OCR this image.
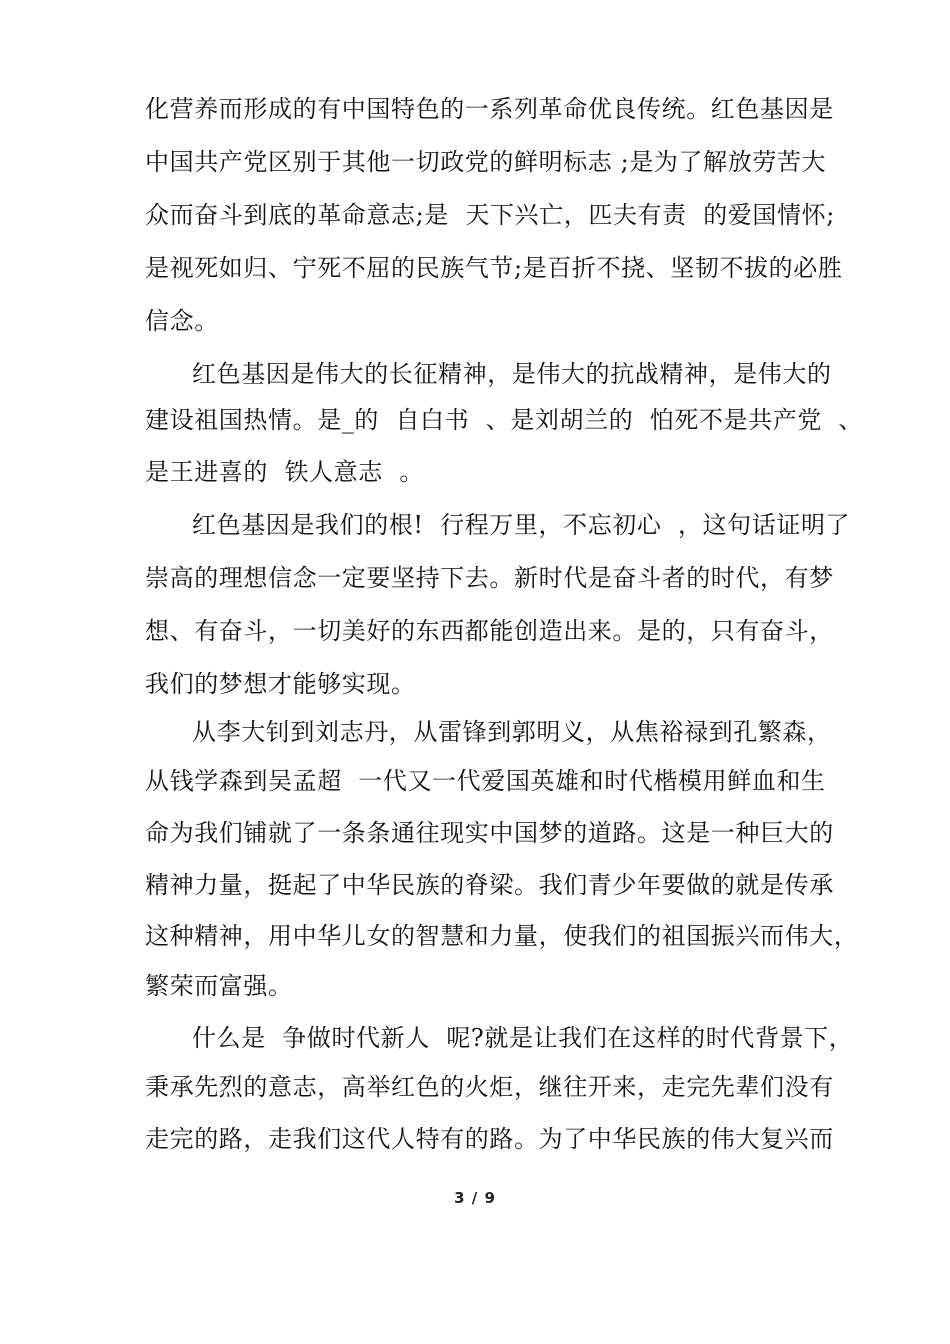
化营养而形成的有中国特色的一系列革命优良传统。红色基因是
中国共产党区别于其他一切政党的鲜明标志 ;是为了解放劳苦大
众而奋斗到底的革命意志;是  天下兴亡，匹夫有责  的爱国情怀;
是视死如归、宁死不屈的民族气节;是百折不挠、坚韧不拔的必胜
信念。
红色基因是伟大的长征精神，是伟大的抗战精神，是伟大的
建设祖国热情。是_的  自白书  、是刘胡兰的  怕死不是共产党  、
是王进喜的  铁人意志  。
红色基因是我们的根!  行程万里，不忘初心  ，这句话证明了
崇高的理想信念一定要坚持下去。新时代是奋斗者的时代，有梦
想、有奋斗，一切美好的东西都能创造出来。是的，只有奋斗，
我们的梦想才能够实现。
从李大钊到刘志丹，从雷锋到郭明义，从焦裕禄到孔繁森，
从钱学森到吴孟超  一代又一代爱国英雄和时代楷模用鲜血和生
命为我们铺就了一条条通往现实中国梦的道路。这是一种巨大的
精神力量，挺起了中华民族的脊梁。我们青少年要做的就是传承
这种精神，用中华儿女的智慧和力量，使我们的祖国振兴而伟大，
繁荣而富强。
什么是  争做时代新人  呢?就是让我们在这样的时代背景下，
秉承先烈的意志，高举红色的火炬，继往开来，走完先辈们没有
走完的路，走我们这代人特有的路。为了中华民族的伟大复兴而
3 / 9
